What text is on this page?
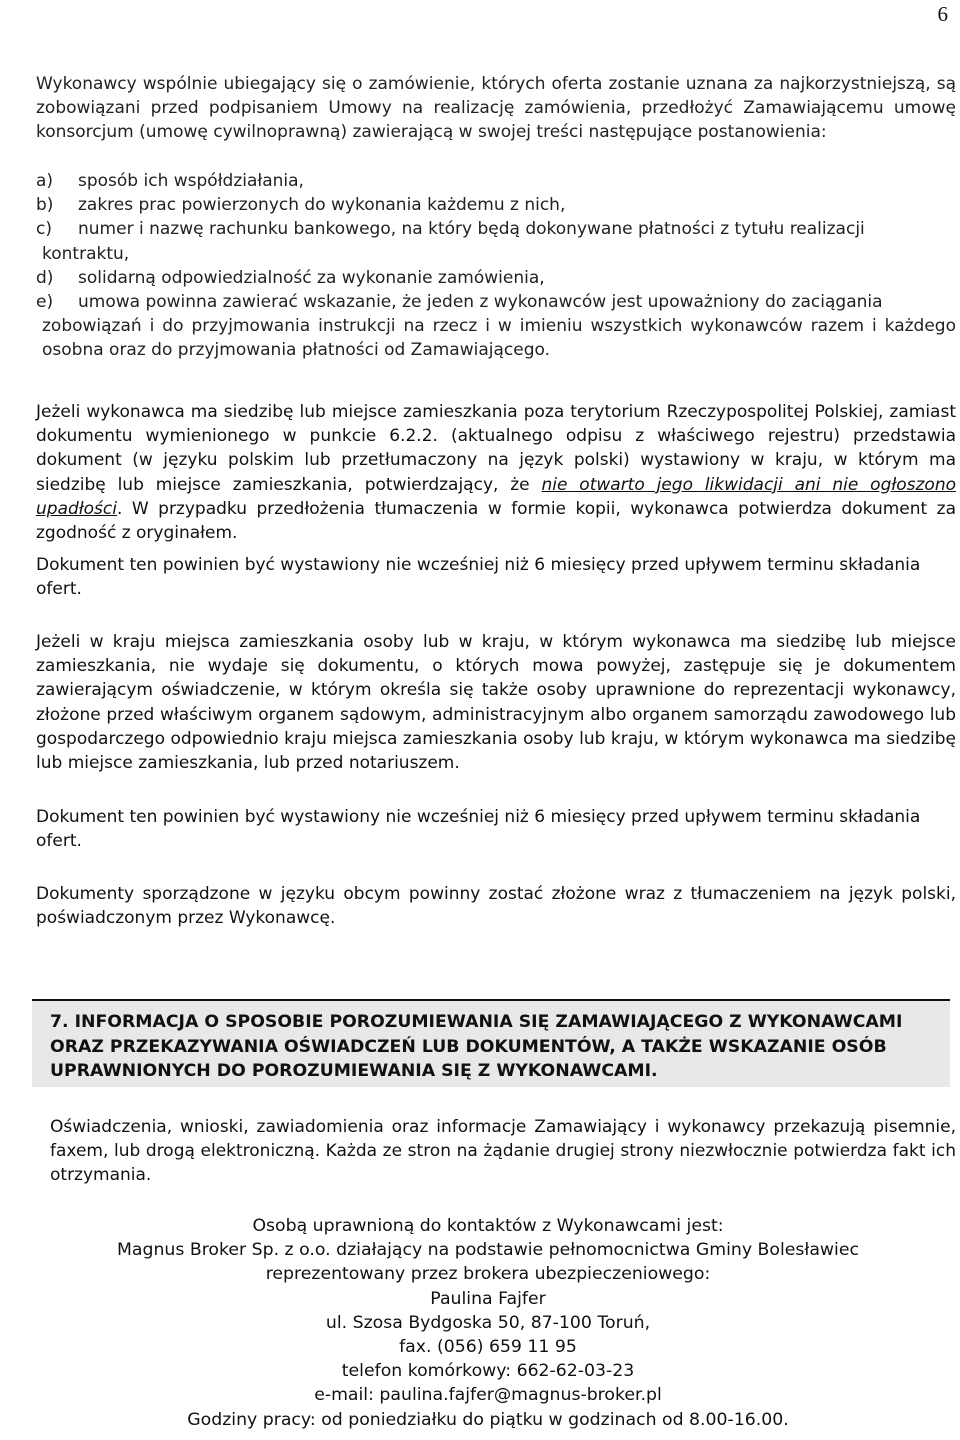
6
Wykonawcy wspólnie ubiegający się o zamówienie, których oferta zostanie uznana za najkorzystniejszą, są zobowiązani przed podpisaniem Umowy na realizację zamówienia, przedłożyć Zamawiającemu umowę konsorcjum (umowę cywilnoprawną) zawierającą w swojej treści następujące postanowienia:
a)	sposób ich współdziałania,
b)	zakres prac powierzonych do wykonania każdemu z nich,
c)	numer i nazwę rachunku bankowego, na który będą dokonywane płatności z tytułu realizacji
kontraktu,
d)	solidarną odpowiedzialność za wykonanie zamówienia,
e)	umowa powinna zawierać wskazanie, że jeden z wykonawców jest upoważniony do zaciągania
zobowiązań i do przyjmowania instrukcji na rzecz i w imieniu wszystkich wykonawców razem i każdego osobna oraz do przyjmowania płatności od Zamawiającego.
Jeżeli wykonawca ma siedzibę lub miejsce zamieszkania poza terytorium Rzeczypospolitej Polskiej, zamiast dokumentu wymienionego w punkcie 6.2.2. (aktualnego odpisu z właściwego rejestru) przedstawia dokument (w języku polskim lub przetłumaczony na język polski) wystawiony w kraju, w którym ma siedzibę lub miejsce zamieszkania, potwierdzający, że nie otwarto jego likwidacji ani nie ogłoszono upadłości. W przypadku przedłożenia tłumaczenia w formie kopii, wykonawca potwierdza dokument za zgodność z oryginałem.
Dokument ten powinien być wystawiony nie wcześniej niż 6 miesięcy przed upływem terminu składania ofert.
Jeżeli w kraju miejsca zamieszkania osoby lub w kraju, w którym wykonawca ma siedzibę lub miejsce zamieszkania, nie wydaje się dokumentu, o których mowa powyżej, zastępuje się je dokumentem zawierającym oświadczenie, w którym określa się także osoby uprawnione do reprezentacji wykonawcy, złożone przed właściwym organem sądowym, administracyjnym albo organem samorządu zawodowego lub gospodarczego odpowiednio kraju miejsca zamieszkania osoby lub kraju, w którym wykonawca ma siedzibę lub miejsce zamieszkania, lub przed notariuszem.
Dokument ten powinien być wystawiony nie wcześniej niż 6 miesięcy przed upływem terminu składania ofert.
Dokumenty sporządzone w języku obcym powinny zostać złożone wraz z tłumaczeniem na język polski, poświadczonym przez Wykonawcę.
7. INFORMACJA O SPOSOBIE POROZUMIEWANIA SIĘ ZAMAWIAJĄCEGO Z WYKONAWCAMI ORAZ PRZEKAZYWANIA OŚWIADCZEŃ LUB DOKUMENTÓW, A TAKŻE WSKAZANIE OSÓB UPRAWNIONYCH DO POROZUMIEWANIA SIĘ Z WYKONAWCAMI.
Oświadczenia, wnioski, zawiadomienia oraz informacje Zamawiający i wykonawcy przekazują pisemnie, faxem, lub drogą elektroniczną. Każda ze stron na żądanie drugiej strony niezwłocznie potwierdza fakt ich otrzymania.
Osobą uprawnioną do kontaktów z Wykonawcami jest:
Magnus Broker Sp. z o.o. działający na podstawie pełnomocnictwa Gminy Bolesławiec
reprezentowany przez brokera ubezpieczeniowego:
Paulina Fajfer
ul. Szosa Bydgoska 50, 87-100 Toruń,
fax. (056) 659 11 95
telefon komórkowy: 662-62-03-23
e-mail: paulina.fajfer@magnus-broker.pl
Godziny pracy: od poniedziałku do piątku w godzinach od 8.00-16.00.
